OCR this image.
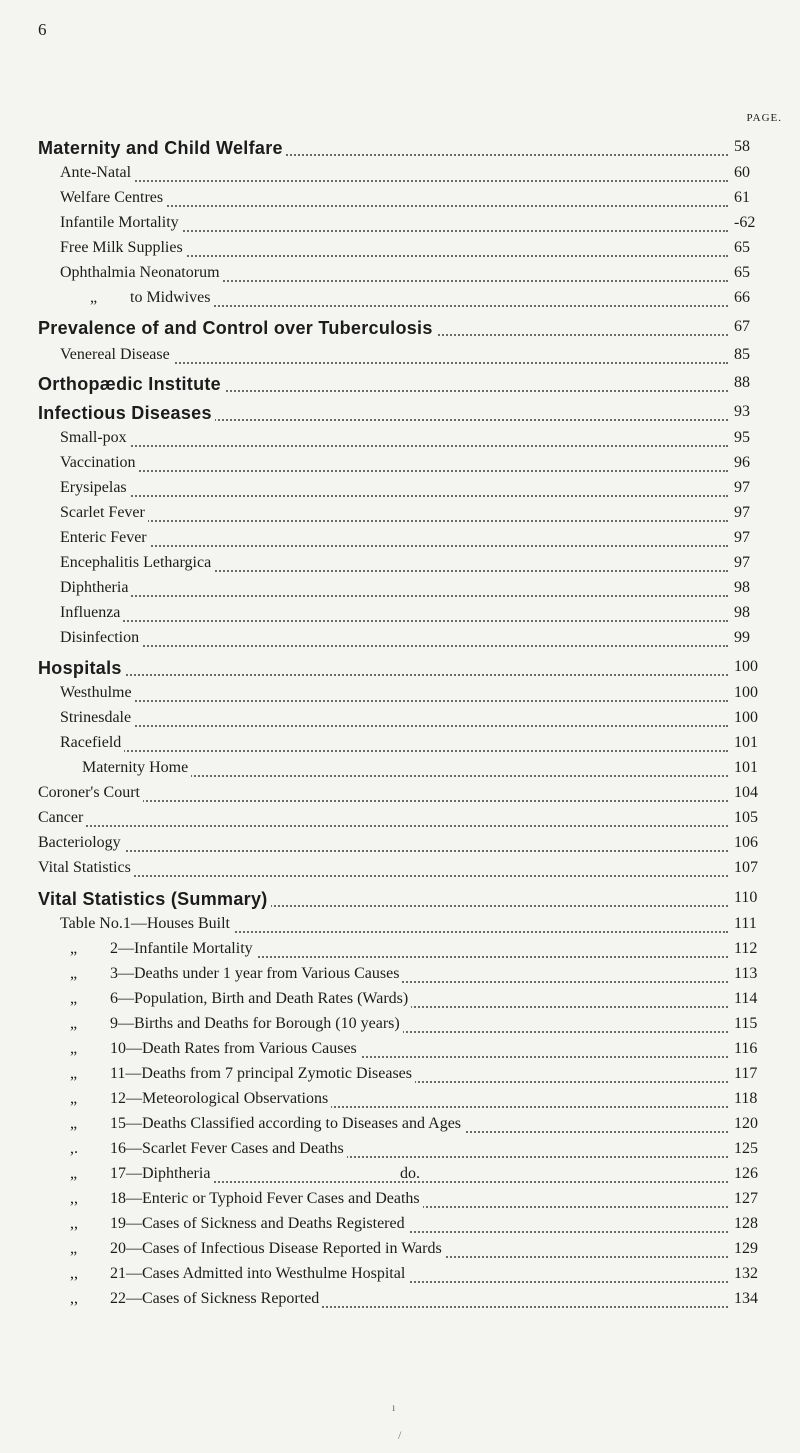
6
PAGE.
Maternity and Child Welfare	58
Ante-Natal	60
Welfare Centres	61
Infantile Mortality	-62
Free Milk Supplies	65
Ophthalmia Neonatorum	65
„ to Midwives	66
Prevalence of and Control over Tuberculosis	67
Venereal Disease	85
Orthopædic Institute	88
Infectious Diseases	93
Small-pox	95
Vaccination	96
Erysipelas	97
Scarlet Fever	97
Enteric Fever	97
Encephalitis Lethargica	97
Diphtheria	98
Influenza	98
Disinfection	99
Hospitals	100
Westhulme	100
Strinesdale	100
Racefield	101
Maternity Home	101
Coroner's Court	104
Cancer	105
Bacteriology	106
Vital Statistics	107
Vital Statistics (Summary)	110
Table No.1—Houses Built	111
„ 2—Infantile Mortality	112
„ 3—Deaths under 1 year from Various Causes	113
„ 6—Population, Birth and Death Rates (Wards)	114
„ 9—Births and Deaths for Borough (10 years)	115
„ 10—Death Rates from Various Causes	116
„ 11—Deaths from 7 principal Zymotic Diseases	117
„ 12—Meteorological Observations	118
„ 15—Deaths Classified according to Diseases and Ages	120
,. 16—Scarlet Fever Cases and Deaths	125
„ 17—Diphtheria	do.	126
,, 18—Enteric or Typhoid Fever Cases and Deaths	127
,, 19—Cases of Sickness and Deaths Registered	128
„ 20—Cases of Infectious Disease Reported in Wards	129
,, 21—Cases Admitted into Westhulme Hospital	132
,, 22—Cases of Sickness Reported	134
/
ı
